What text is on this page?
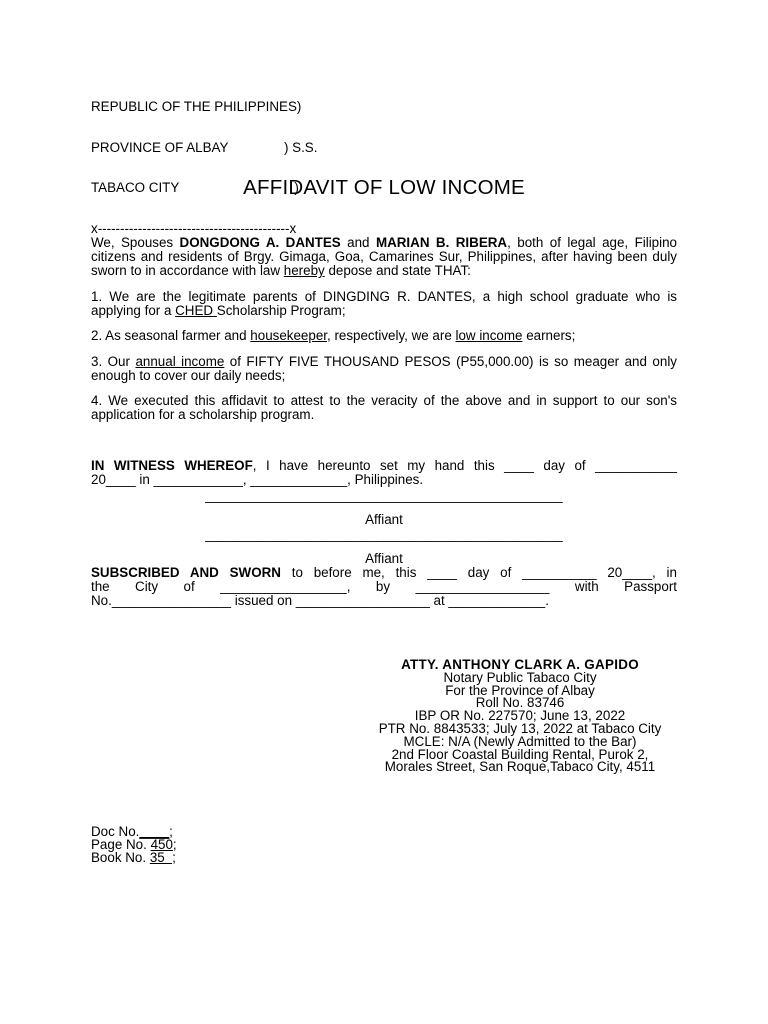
REPUBLIC OF THE PHILIPPINES)

PROVINCE OF ALBAY               ) S.S.

TABACO CITY                               )

x-------------------------------------------x

AFFIDAVIT OF LOW INCOME
We, Spouses DONGDONG A. DANTES and MARIAN B. RIBERA, both of legal age, Filipino citizens and residents of Brgy. Gimaga, Goa, Camarines Sur, Philippines, after having been duly sworn to in accordance with law hereby depose and state THAT:
1. We are the legitimate parents of DINGDING R. DANTES, a high school graduate who is applying for a CHED Scholarship Program;
2. As seasonal farmer and housekeeper, respectively, we are low income earners;
3. Our annual income of FIFTY FIVE THOUSAND PESOS (P55,000.00) is so meager and only enough to cover our daily needs;
4. We executed this affidavit to attest to the veracity of the above and in support to our son's application for a scholarship program.
IN WITNESS WHEREOF, I have hereunto set my hand this ____ day of ___________
20____ in ____________, _____________, Philippines.
________________________________________________
Affiant
________________________________________________
Affiant
SUBSCRIBED AND SWORN to before me, this ____ day of __________ 20____, in
the City of _________________, by __________________ with Passport
No.________________ issued on __________________ at _____________.
ATTY. ANTHONY CLARK A. GAPIDO
Notary Public Tabaco City
For the Province of Albay
Roll No. 83746
IBP OR No. 227570; June 13, 2022
PTR No. 8843533; July 13, 2022 at Tabaco City
MCLE: N/A (Newly Admitted to the Bar)
2nd Floor Coastal Building Rental, Purok 2,
Morales Street, San Roque,Tabaco City, 4511
Doc No.____;
Page No. 450;
Book No. 35  ;
